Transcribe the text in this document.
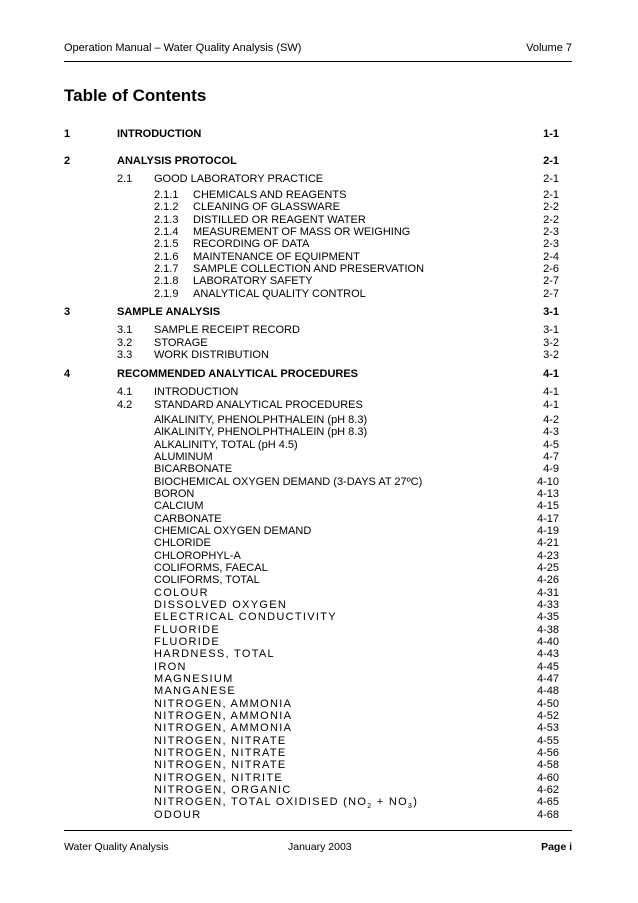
Operation Manual – Water Quality Analysis (SW)	Volume 7
Table of Contents
1	INTRODUCTION	1-1
2	ANALYSIS PROTOCOL	2-1
2.1 GOOD LABORATORY PRACTICE	2-1
2.1.1 CHEMICALS AND REAGENTS	2-1
2.1.2 CLEANING OF GLASSWARE	2-2
2.1.3 DISTILLED OR REAGENT WATER	2-2
2.1.4 MEASUREMENT OF MASS OR WEIGHING	2-3
2.1.5 RECORDING OF DATA	2-3
2.1.6 MAINTENANCE OF EQUIPMENT	2-4
2.1.7 SAMPLE COLLECTION AND PRESERVATION	2-6
2.1.8 LABORATORY SAFETY	2-7
2.1.9 ANALYTICAL QUALITY CONTROL	2-7
3	SAMPLE ANALYSIS	3-1
3.1 SAMPLE RECEIPT RECORD	3-1
3.2 STORAGE	3-2
3.3 WORK DISTRIBUTION	3-2
4	RECOMMENDED ANALYTICAL PROCEDURES	4-1
4.1 INTRODUCTION	4-1
4.2 STANDARD ANALYTICAL PROCEDURES	4-1
AlKALINITY, PHENOLPHTHALEIN (pH 8.3)	4-2
AlKALINITY, PHENOLPHTHALEIN (pH 8.3)	4-3
ALKALINITY, TOTAL (pH 4.5)	4-5
ALUMINUM	4-7
BICARBONATE	4-9
BIOCHEMICAL OXYGEN DEMAND (3-DAYS AT 27ºC)	4-10
BORON	4-13
CALCIUM	4-15
CARBONATE	4-17
CHEMICAL OXYGEN DEMAND	4-19
CHLORIDE	4-21
CHLOROPHYL-A	4-23
COLIFORMS, FAECAL	4-25
COLIFORMS, TOTAL	4-26
COLOUR	4-31
DISSOLVED OXYGEN	4-33
ELECTRICAL CONDUCTIVITY	4-35
FLUORIDE	4-38
FLUORIDE	4-40
HARDNESS, TOTAL	4-43
IRON	4-45
MAGNESIUM	4-47
MANGANESE	4-48
NITROGEN, AMMONIA	4-50
NITROGEN, AMMONIA	4-52
NITROGEN, AMMONIA	4-53
NITROGEN, NITRATE	4-55
NITROGEN, NITRATE	4-56
NITROGEN, NITRATE	4-58
NITROGEN, NITRITE	4-60
NITROGEN, ORGANIC	4-62
NITROGEN, TOTAL OXIDISED $(NO_2 + NO_3)$	4-65
ODOUR	4-68
Water Quality Analysis	January 2003	Page i
